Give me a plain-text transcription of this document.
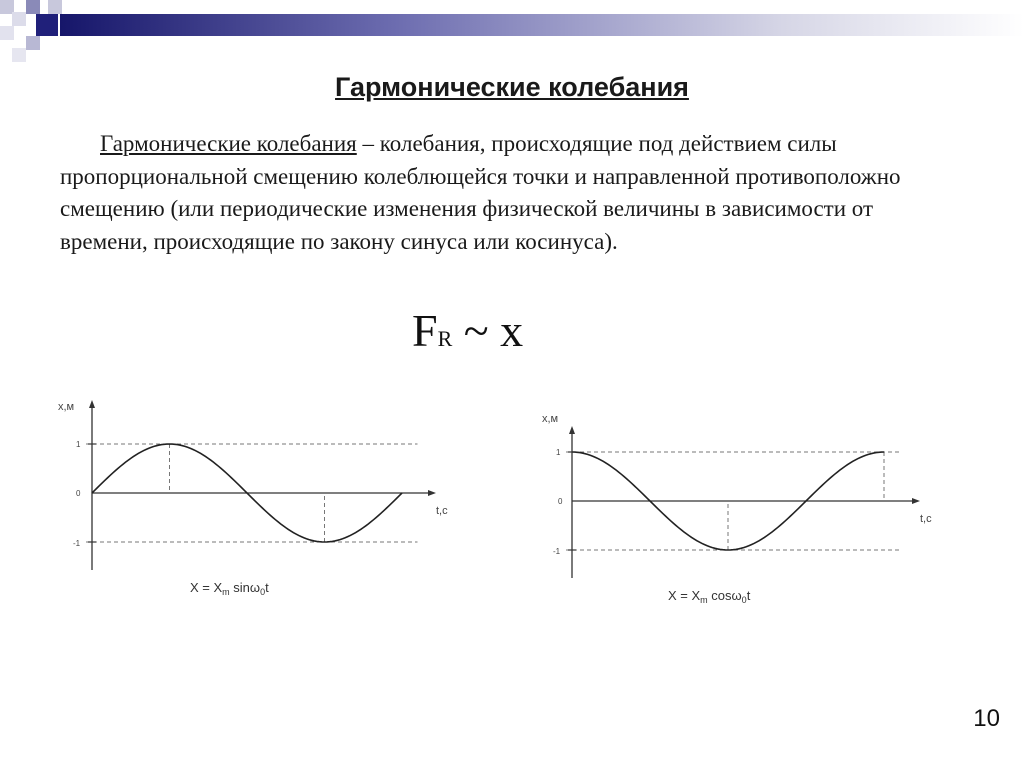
Гармонические колебания
Гармонические колебания – колебания, происходящие под действием силы пропорциональной смещению колеблющейся точки и направленной противоположно смещению (или периодические изменения физической величины в зависимости от времени, происходящие по закону синуса или косинуса).
FR ~ x
x,м
t,c
1
0
-1
$X = X_m$ sinω$_0$t
x,м
t,c
1
0
-1
$X = X_m$ cosω$_0$t
10
